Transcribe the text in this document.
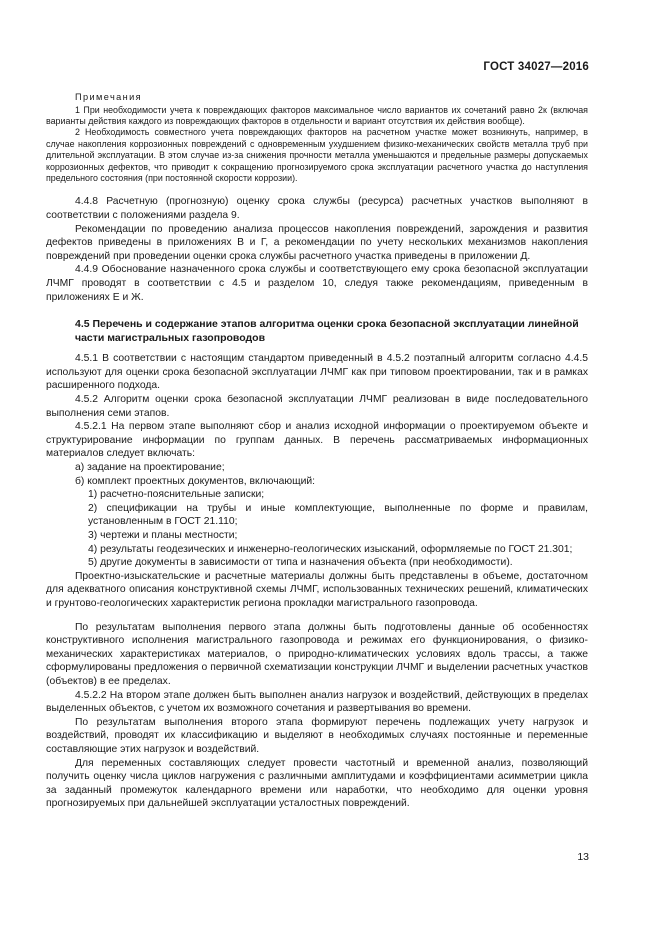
ГОСТ 34027—2016
Примечания

1 При необходимости учета к повреждающих факторов максимальное число вариантов их сочетаний равно 2к (включая варианты действия каждого из повреждающих факторов в отдельности и вариант отсутствия их действия вообще).

2 Необходимость совместного учета повреждающих факторов на расчетном участке может возникнуть, например, в случае накопления коррозионных повреждений с одновременным ухудшением физико-механических свойств металла труб при длительной эксплуатации. В этом случае из-за снижения прочности металла уменьшаются и предельные размеры допускаемых коррозионных дефектов, что приводит к сокращению прогнозируемого срока эксплуатации расчетного участка до наступления предельного состояния (при постоянной скорости коррозии).

4.4.8 Расчетную (прогнозную) оценку срока службы (ресурса) расчетных участков выполняют в соответствии с положениями раздела 9.

Рекомендации по проведению анализа процессов накопления повреждений, зарождения и развития дефектов приведены в приложениях В и Г, а рекомендации по учету нескольких механизмов накопления повреждений при проведении оценки срока службы расчетного участка приведены в приложении Д.

4.4.9 Обоснование назначенного срока службы и соответствующего ему срока безопасной эксплуатации ЛЧМГ проводят в соответствии с 4.5 и разделом 10, следуя также рекомендациям, приведенным в приложениях Е и Ж.

4.5 Перечень и содержание этапов алгоритма оценки срока безопасной эксплуатации линейной части магистральных газопроводов

4.5.1 В соответствии с настоящим стандартом приведенный в 4.5.2 поэтапный алгоритм согласно 4.4.5 используют для оценки срока безопасной эксплуатации ЛЧМГ как при типовом проектировании, так и в рамках расширенного подхода.

4.5.2 Алгоритм оценки срока безопасной эксплуатации ЛЧМГ реализован в виде последовательного выполнения семи этапов.

4.5.2.1 На первом этапе выполняют сбор и анализ исходной информации о проектируемом объекте и структурирование информации по группам данных. В перечень рассматриваемых информационных материалов следует включать:

а) задание на проектирование;

б) комплект проектных документов, включающий:

1) расчетно-пояснительные записки;

2) спецификации на трубы и иные комплектующие, выполненные по форме и правилам, установленным в ГОСТ 21.110;

3) чертежи и планы местности;

4) результаты геодезических и инженерно-геологических изысканий, оформляемые по ГОСТ 21.301;

5) другие документы в зависимости от типа и назначения объекта (при необходимости).

Проектно-изыскательские и расчетные материалы должны быть представлены в объеме, достаточном для адекватного описания конструктивной схемы ЛЧМГ, использованных технических решений, климатических и грунтово-геологических характеристик региона прокладки магистрального газопровода.

По результатам выполнения первого этапа должны быть подготовлены данные об особенностях конструктивного исполнения магистрального газопровода и режимах его функционирования, о физико-механических характеристиках материалов, о природно-климатических условиях вдоль трассы, а также сформулированы предложения о первичной схематизации конструкции ЛЧМГ и выделении расчетных участков (объектов) в ее пределах.

4.5.2.2 На втором этапе должен быть выполнен анализ нагрузок и воздействий, действующих в пределах выделенных объектов, с учетом их возможного сочетания и развертывания во времени.

По результатам выполнения второго этапа формируют перечень подлежащих учету нагрузок и воздействий, проводят их классификацию и выделяют в необходимых случаях постоянные и переменные составляющие этих нагрузок и воздействий.

Для переменных составляющих следует провести частотный и временной анализ, позволяющий получить оценку числа циклов нагружения с различными амплитудами и коэффициентами асимметрии цикла за заданный промежуток календарного времени или наработки, что необходимо для оценки уровня прогнозируемых при дальнейшей эксплуатации усталостных повреждений.

13
